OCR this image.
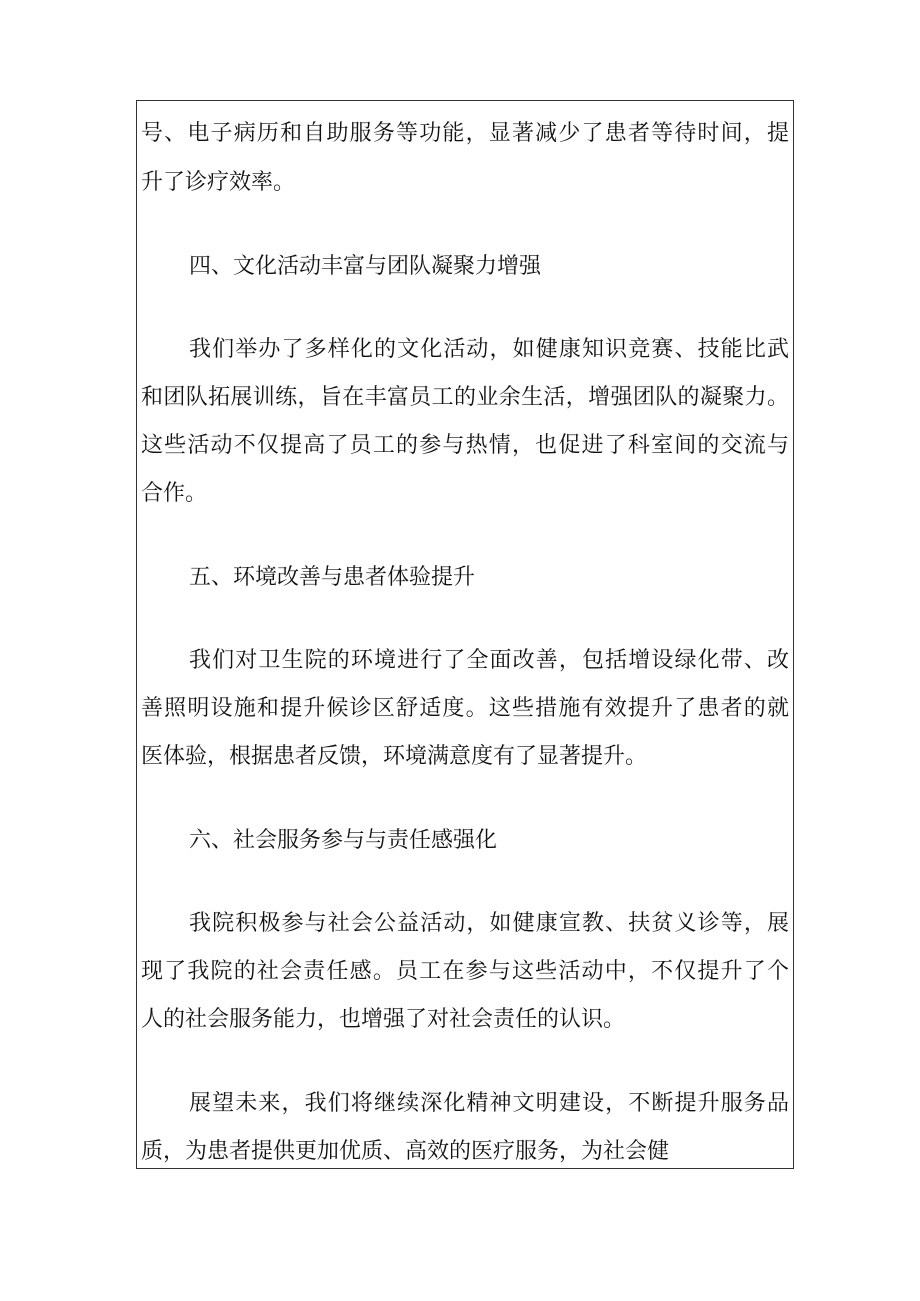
号、电子病历和自助服务等功能，显著减少了患者等待时间，提
升了诊疗效率。
四、文化活动丰富与团队凝聚力增强
我们举办了多样化的文化活动，如健康知识竞赛、技能比武
和团队拓展训练，旨在丰富员工的业余生活，增强团队的凝聚力。
这些活动不仅提高了员工的参与热情，也促进了科室间的交流与
合作。
五、环境改善与患者体验提升
我们对卫生院的环境进行了全面改善，包括增设绿化带、改
善照明设施和提升候诊区舒适度。这些措施有效提升了患者的就
医体验，根据患者反馈，环境满意度有了显著提升。
六、社会服务参与与责任感强化
我院积极参与社会公益活动，如健康宣教、扶贫义诊等，展
现了我院的社会责任感。员工在参与这些活动中，不仅提升了个
人的社会服务能力，也增强了对社会责任的认识。
展望未来，我们将继续深化精神文明建设，不断提升服务品
质，为患者提供更加优质、高效的医疗服务，为社会健
